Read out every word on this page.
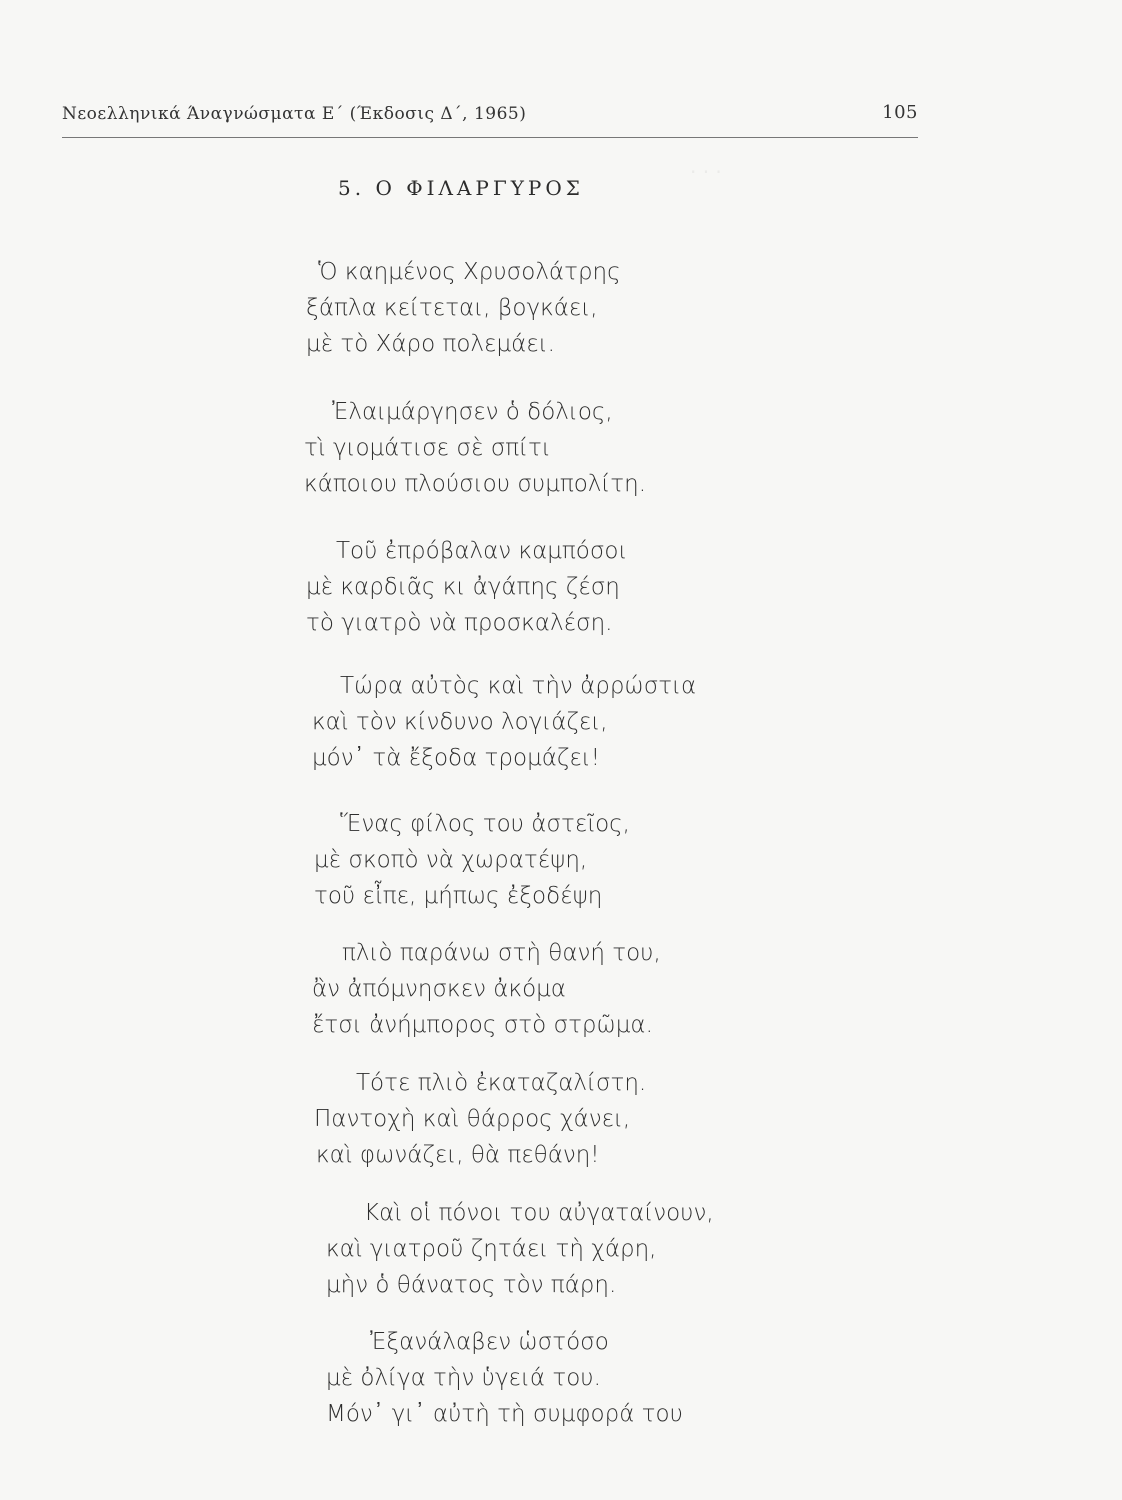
· · ·
Νεοελληνικά Άναγνώσματα Ε΄ (Έκδοσις Δ΄, 1965)	105
5. Ο ΦΙΛΑΡΓΥΡΟΣ
Ὁ καημένος Χρυσολάτρης
ξάπλα κείτεται, βογκάει,
μὲ τὸ Χάρο πολεμάει.
Ἐλαιμάργησεν ὁ δόλιος,
τὶ γιομάτισε σὲ σπίτι
κάποιου πλούσιου συμπολίτη.
Τοῦ ἐπρόβαλαν καμπόσοι
μὲ καρδιᾶς κι ἀγάπης ζέση
τὸ γιατρὸ νὰ προσκαλέση.
Τώρα αὐτὸς καὶ τὴν ἀρρώστια
καὶ τὸν κίνδυνο λογιάζει,
μόν᾽ τὰ ἔξοδα τρομάζει!
Ἕνας φίλος του ἀστεῖος,
μὲ σκοπὸ νὰ χωρατέψη,
τοῦ εἶπε, μήπως ἐξοδέψη
πλιὸ παράνω στὴ θανή του,
ἂν ἀπόμνησκεν ἀκόμα
ἔτσι ἀνήμπορος στὸ στρῶμα.
Τότε πλιὸ ἐκαταζαλίστη.
Παντοχὴ καὶ θάρρος χάνει,
καὶ φωνάζει, θὰ πεθάνη!
Καὶ οἱ πόνοι του αὐγαταίνουν,
καὶ γιατροῦ ζητάει τὴ χάρη,
μὴν ὁ θάνατος τὸν πάρη.
Ἐξανάλαβεν ὡστόσο
μὲ ὀλίγα τὴν ὑγειά του.
Μόν᾽ γι᾽ αὐτὴ τὴ συμφορά του
